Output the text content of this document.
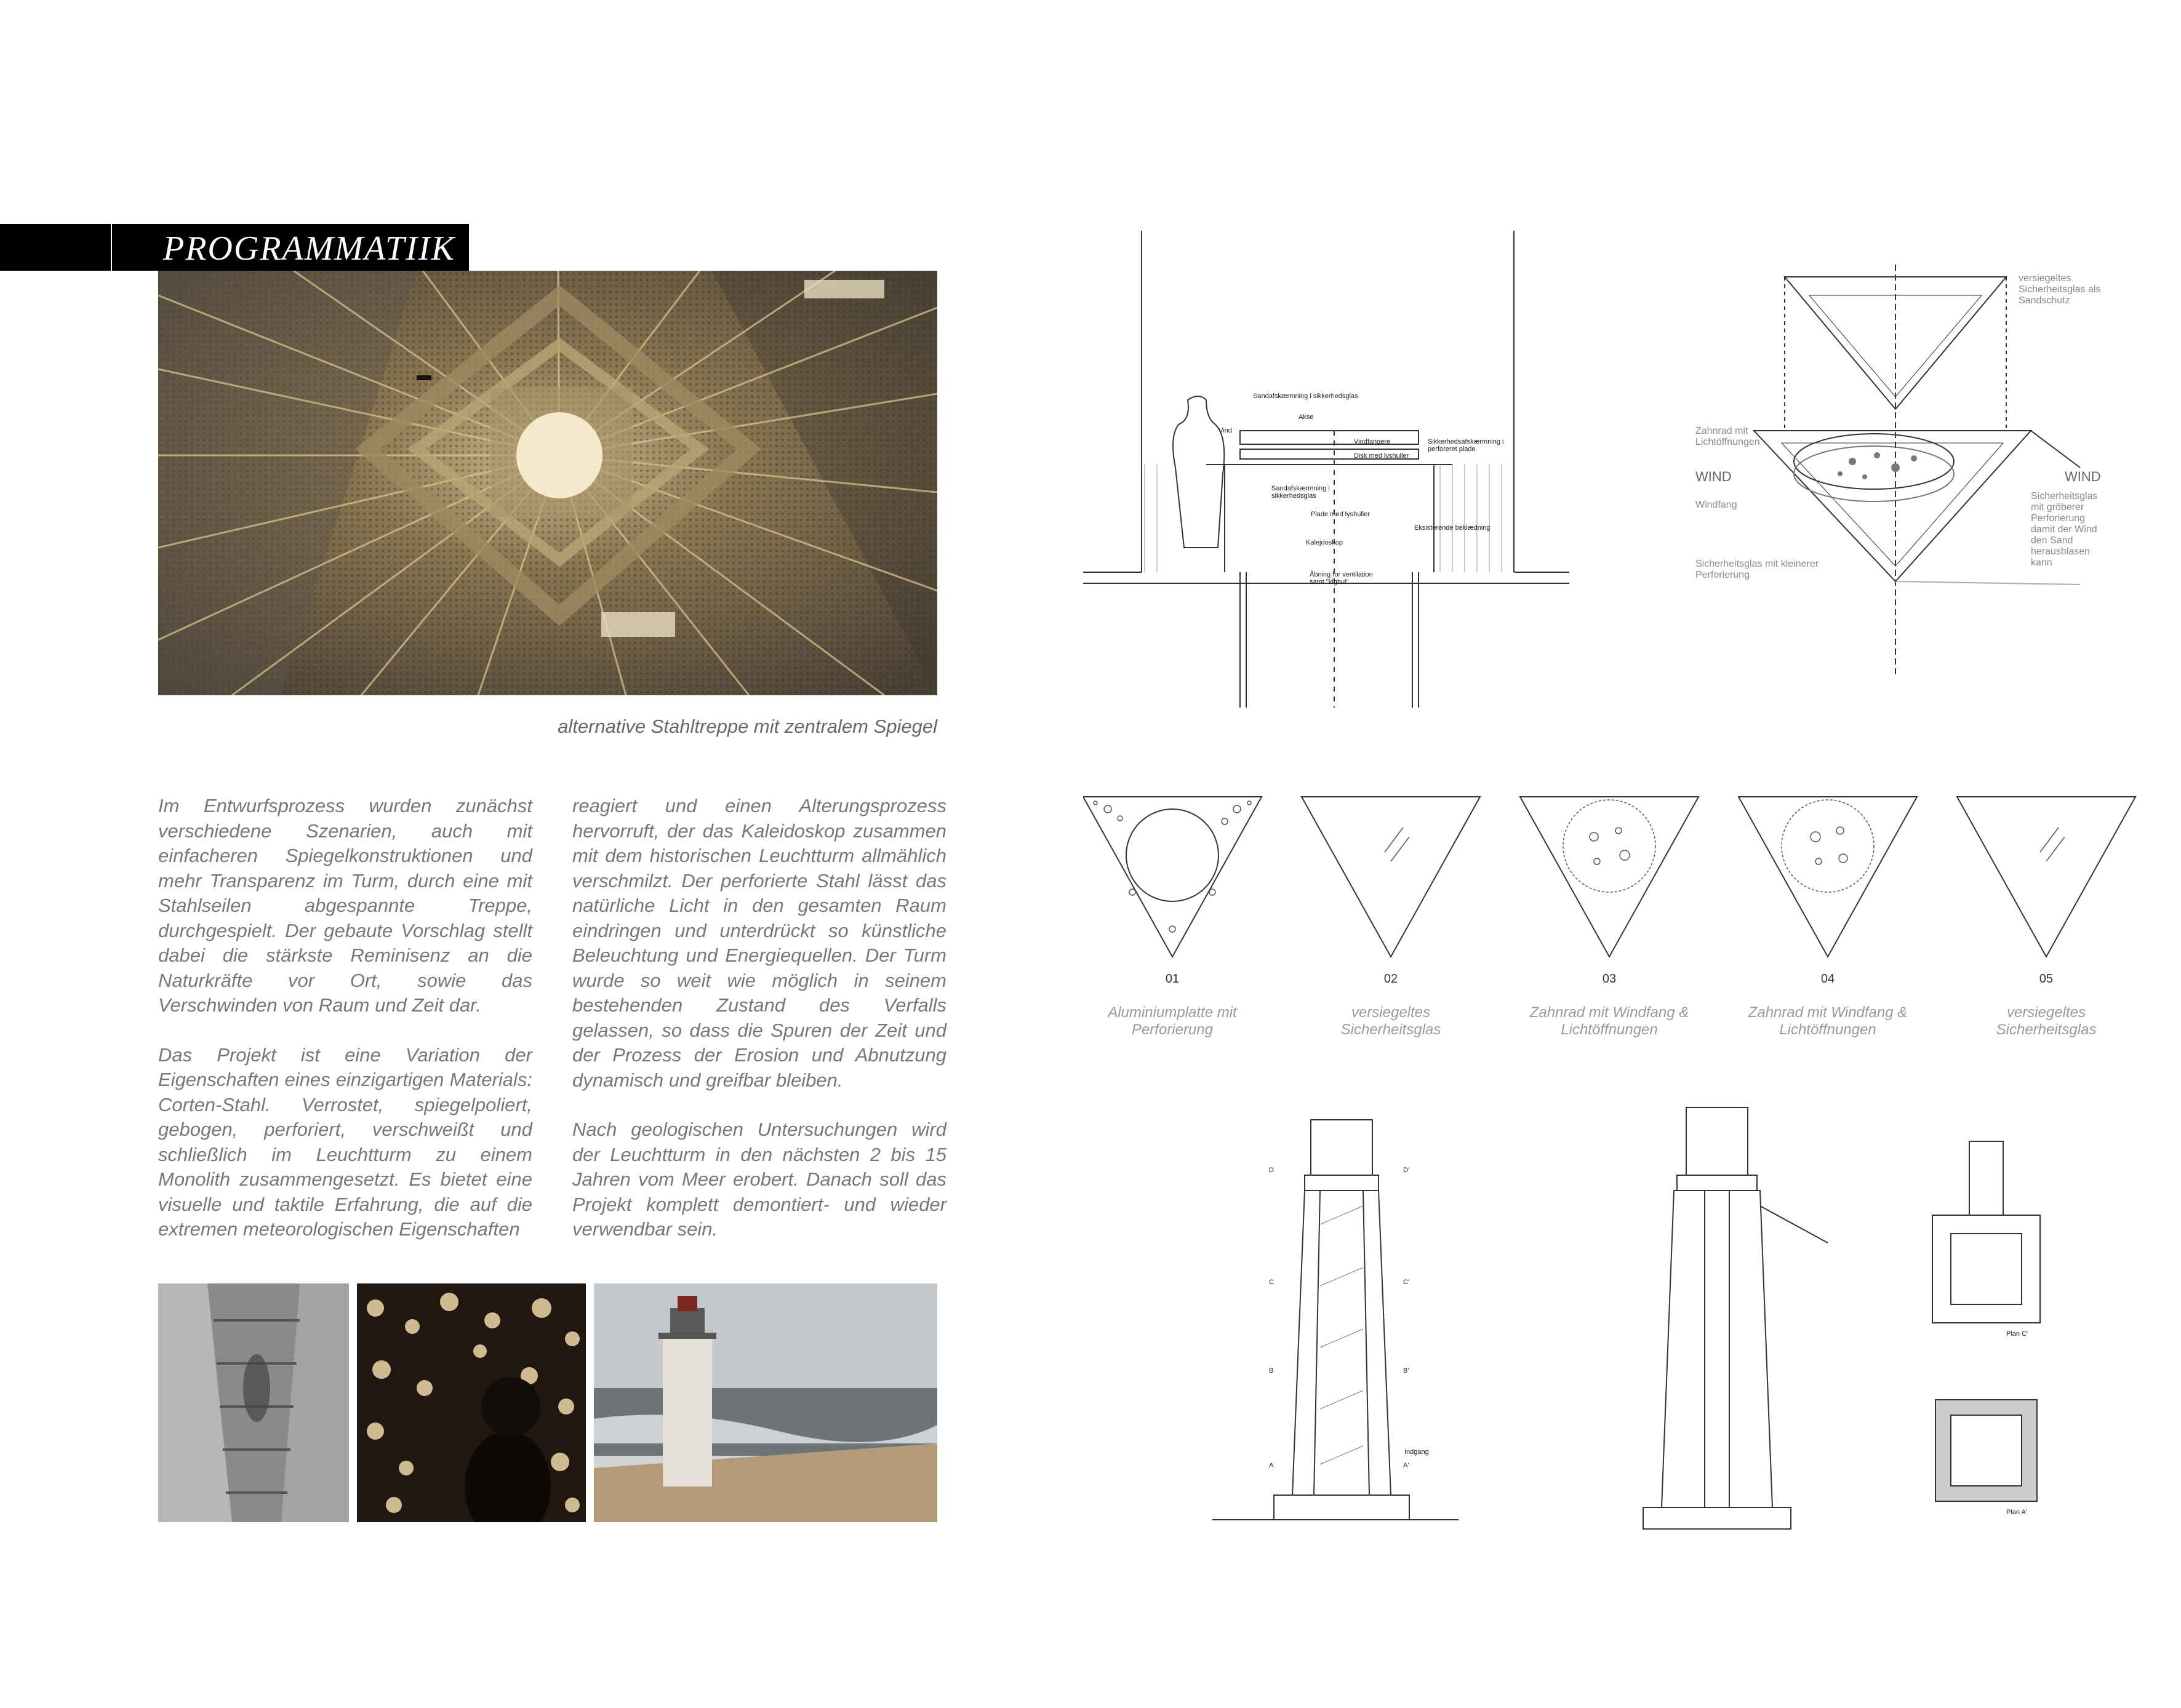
PROGRAMMATIIK
alternative Stahltreppe mit zentralem Spiegel

Im Entwurfsprozess wurden zunächst verschiedene Szenarien, auch mit einfacheren Spiegelkonstruktionen und mehr Transparenz im Turm, durch eine mit Stahlseilen abgespannte Treppe, durchgespielt. Der gebaute Vorschlag stellt dabei die stärkste Reminisenz an die Naturkräfte vor Ort, sowie das Verschwinden von Raum und Zeit dar.

Das Projekt ist eine Variation der Eigenschaften eines einzigartigen Materials: Corten-Stahl. Verrostet, spiegelpoliert, gebogen, perforiert, verschweißt und schließlich im Leuchtturm zu einem Monolith zusammengesetzt. Es bietet eine visuelle und taktile Erfahrung, die auf die extremen meteorologischen Eigenschaften

reagiert und einen Alterungsprozess hervorruft, der das Kaleidoskop zusammen mit dem historischen Leuchtturm allmählich verschmilzt. Der perforierte Stahl lässt das natürliche Licht in den gesamten Raum eindringen und unterdrückt so künstliche Beleuchtung und Energiequellen. Der Turm wurde so weit wie möglich in seinem bestehenden Zustand des Verfalls gelassen, so dass die Spuren der Zeit und der Prozess der Erosion und Abnutzung dynamisch und greifbar bleiben.

Nach geologischen Untersuchungen wird der Leuchtturm in den nächsten 2 bis 15 Jahren vom Meer erobert. Danach soll das Projekt komplett demontiert- und wieder verwendbar sein.

Sandafskærmning i sikkerhedsglas
Akse
Vind
Vindfangere
Disk med lyshuller
Sikkerhedsafskærmning i perforeret plade
Sandafskærmning i sikkerhedsglas
Plade med lyshuller
Kalejdoskop
Eksisterende beklædning
Åbning for ventilation samt "kighul"
versiegeltes Sicherheitsglas als Sandschutz
Zahnrad mit Lichtöffnungen
WIND	WIND
Windfang
Sicherheitsglas mit gröberer Perforierung damit der Wind den Sand herausblasen kann
Sicherheitsglas mit kleinerer Perforierung
01	02	03	04	05
Aluminiumplatte mit Perforierung
versiegeltes Sicherheitsglas
Zahnrad mit Windfang & Lichtöffnungen
Zahnrad mit Windfang & Lichtöffnungen
versiegeltes Sicherheitsglas
D	D'
C	C'
B	B'
A	A'
Indgang
Plan C'
Plan A'
